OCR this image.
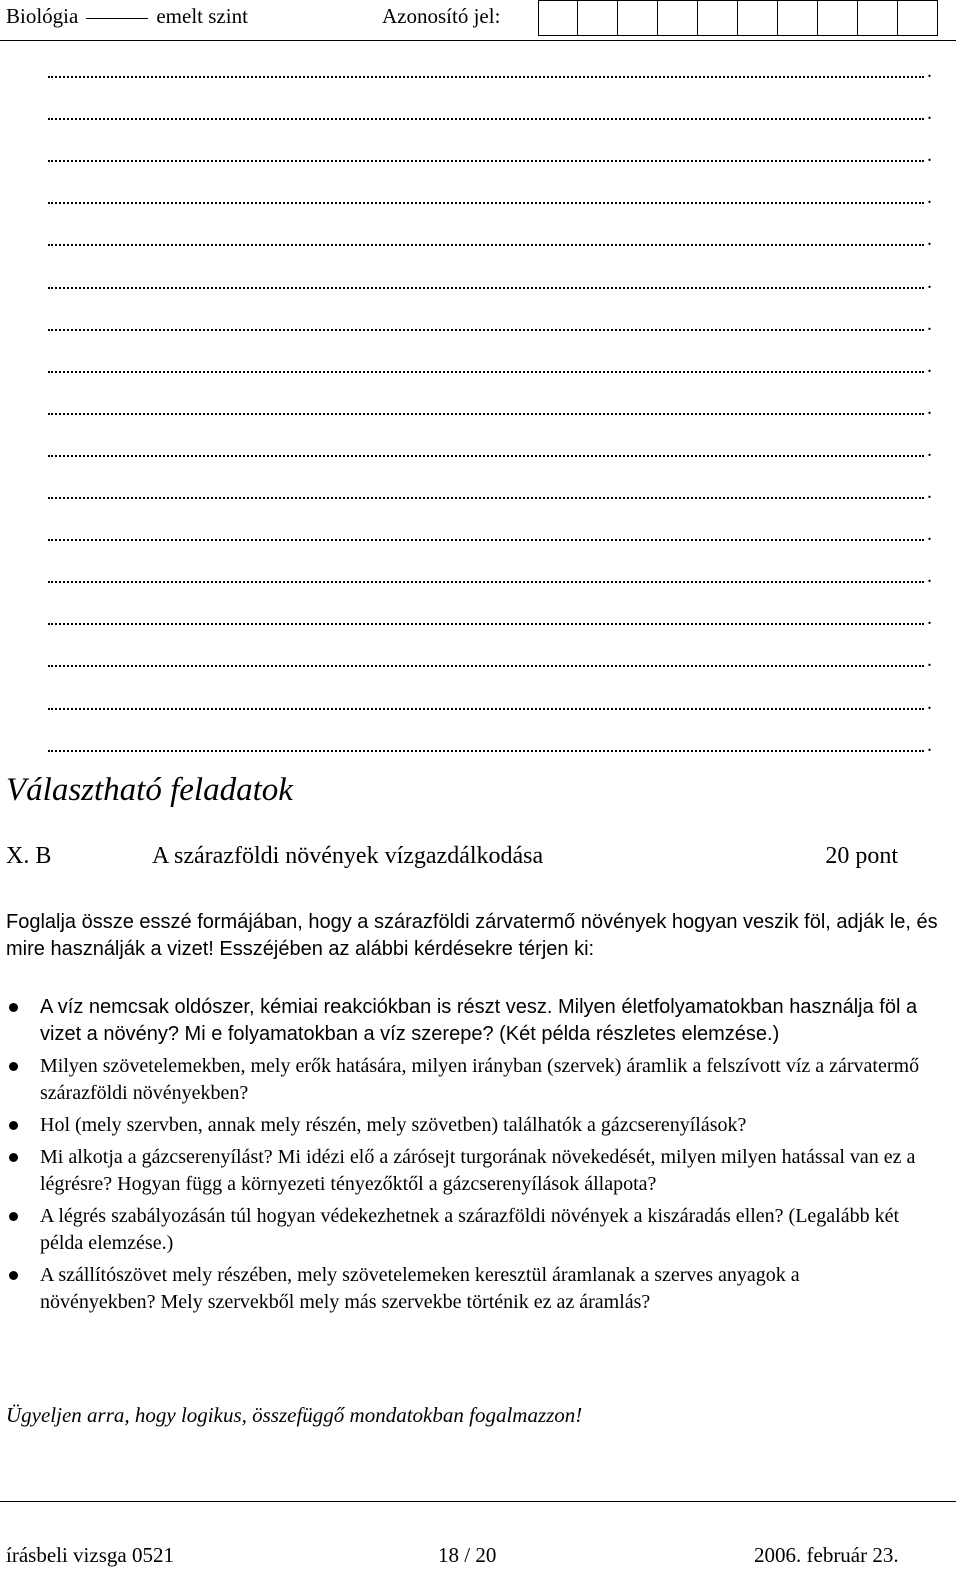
Biológia	emelt szint	Azonosító jel:
.
.
.
.
.
.
.
.
.
.
.
.
.
.
.
.
.
Választható feladatok
X. B	A szárazföldi növények vízgazdálkodása	20 pont
Foglalja össze esszé formájában, hogy a szárazföldi zárvatermő növények hogyan veszik föl, adják le, és mire használják a vizet! Esszéjében az alábbi kérdésekre térjen ki:
A víz nemcsak oldószer, kémiai reakciókban is részt vesz. Milyen életfolyamatokban használja föl a vizet a növény? Mi e folyamatokban a víz szerepe? (Két példa részletes elemzése.)
Milyen szövetelemekben, mely erők hatására, milyen irányban (szervek) áramlik a felszívott víz a zárvatermő szárazföldi növényekben?
Hol (mely szervben, annak mely részén, mely szövetben) találhatók a gázcserenyílások?
Mi alkotja a gázcserenyílást? Mi idézi elő a zárósejt turgorának növekedését, milyen milyen hatással van ez a légrésre? Hogyan függ a környezeti tényezőktől a gázcserenyílások állapota?
A légrés szabályozásán túl hogyan védekezhetnek a szárazföldi növények a kiszáradás ellen? (Legalább két példa elemzése.)
A szállítószövet mely részében, mely szövetelemeken keresztül áramlanak a szerves anyagok a növényekben? Mely szervekből mely más szervekbe történik ez az áramlás?
Ügyeljen arra, hogy logikus, összefüggő mondatokban fogalmazzon!
írásbeli vizsga 0521	18 / 20	2006. február 23.
